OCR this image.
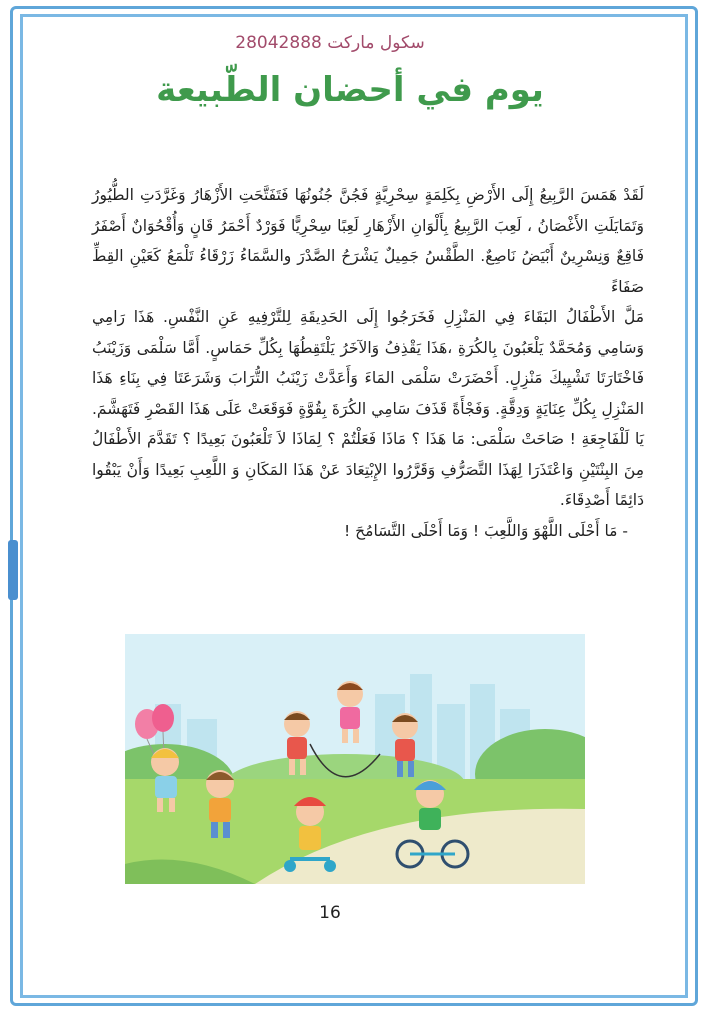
سكول ماركت 28042888
يوم في أحضان الطّبيعة

لَقَدْ هَمَسَ الرَّبِيعُ إِلَى الأَرْضِ بِكَلِمَةٍ سِحْرِيَّةٍ فَجُنَّ جُنُونُهَا فَتَفَتَّحَتِ الأَزْهَارُ وَغَرَّدَتِ الطُّيُورُ وَتَمَايَلَتِ الأَغْصَانُ ، لَعِبَ الرَّبِيعُ بِأَلْوَانِ الأَزْهَارِ لَعِبًا سِحْرِيًّا فَوَرْدٌ أَحْمَرُ قَانٍ وَأُقْحُوَانٌ أَصْفَرُ فَاقِعٌ وَنِسْرِينٌ أَبْيَضُ نَاصِعٌ. الطَّقْسُ جَمِيلٌ يَشْرَحُ الصَّدْرَ والسَّمَاءُ زَرْقَاءُ تَلْمَعُ كَعَيْنِ القِطِّ صَفَاءً

مَلَّ الأَطْفَالُ البَقَاءَ فِي المَنْزِلِ فَخَرَجُوا إِلَى الحَدِيقَةِ لِلتَّرْفِيهِ عَنِ النَّفْسِ. هَذَا رَامِي وَسَامِي وَمُحَمَّدٌ يَلْعَبُونَ بِالكُرَةِ ،هَذَا يَقْذِفُ وَالآخَرُ يَلْتَقِطُهَا بِكُلِّ حَمَاسٍ. أَمَّا سَلْمَى وَزَيْنَبُ فَاخْتَارَتَا تَشْيِيكَ مَنْزِلٍ. أَحْضَرَتْ سَلْمَى المَاءَ وَأَعَدَّتْ زَيْنَبُ التُّرَابَ وَشَرَعَتَا فِي بِنَاءِ هَذَا المَنْزِلِ بِكُلِّ عِنَايَةٍ وَدِقَّةٍ. وَفَجْأَةً قَذَفَ سَامِي الكُرَةَ بِقُوَّةٍ فَوَقَعَتْ عَلَى هَذَا القَصْرِ فَتَهَشَّمَ. يَا لَلْفَاجِعَةِ ! صَاحَتْ سَلْمَى: مَا هَذَا ؟ مَاذَا فَعَلْتُمْ ؟ لِمَاذَا لاَ تَلْعَبُونَ بَعِيدًا ؟ تَقَدَّمَ الأَطْفَالُ مِنَ البِنْتَيْنِ وَاعْتَذَرَا لِهَذَا التَّصَرُّفِ وَقَرَّرُوا الإِبْتِعَادَ عَنْ هَذَا المَكَانِ وَ اللَّعِبِ بَعِيدًا وَأَنْ يَبْقُوا دَائِمًا أَصْدِقَاءَ.

- مَا أَحْلَى اللَّهْوَ وَاللَّعِبَ ! وَمَا أَحْلَى التَّسَامُحَ !

16
